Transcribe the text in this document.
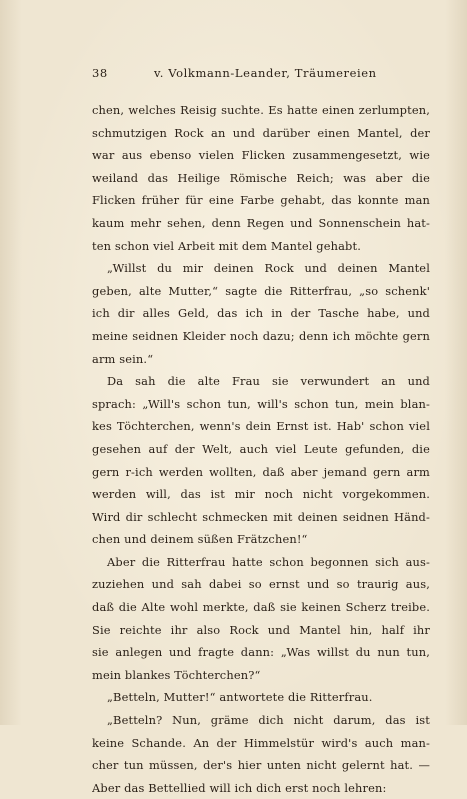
38	v. Volkmann-Leander, Träumereien
chen, welches Reisig suchte. Es hatte einen zerlumpten,
schmutzigen Rock an und darüber einen Mantel, der
war aus ebenso vielen Flicken zusammengesetzt, wie
weiland das Heilige Römische Reich; was aber die
Flicken früher für eine Farbe gehabt, das konnte man
kaum mehr sehen, denn Regen und Sonnenschein hat-
ten schon viel Arbeit mit dem Mantel gehabt.
„Willst du mir deinen Rock und deinen Mantel
geben, alte Mutter,“ sagte die Ritterfrau, „so schenk'
ich dir alles Geld, das ich in der Tasche habe, und
meine seidnen Kleider noch dazu; denn ich möchte gern
arm sein.“
Da sah die alte Frau sie verwundert an und
sprach: „Will's schon tun, will's schon tun, mein blan-
kes Töchterchen, wenn's dein Ernst ist. Hab' schon viel
gesehen auf der Welt, auch viel Leute gefunden, die
gern r-ich werden wollten, daß aber jemand gern arm
werden will, das ist mir noch nicht vorgekommen.
Wird dir schlecht schmecken mit deinen seidnen Händ-
chen und deinem süßen Frätzchen!“
Aber die Ritterfrau hatte schon begonnen sich aus-
zuziehen und sah dabei so ernst und so traurig aus,
daß die Alte wohl merkte, daß sie keinen Scherz treibe.
Sie reichte ihr also Rock und Mantel hin, half ihr
sie anlegen und fragte dann: „Was willst du nun tun,
mein blankes Töchterchen?“
„Betteln, Mutter!“ antwortete die Ritterfrau.
„Betteln? Nun, gräme dich nicht darum, das ist
keine Schande. An der Himmelstür wird's auch man-
cher tun müssen, der's hier unten nicht gelernt hat. —
Aber das Bettellied will ich dich erst noch lehren:
